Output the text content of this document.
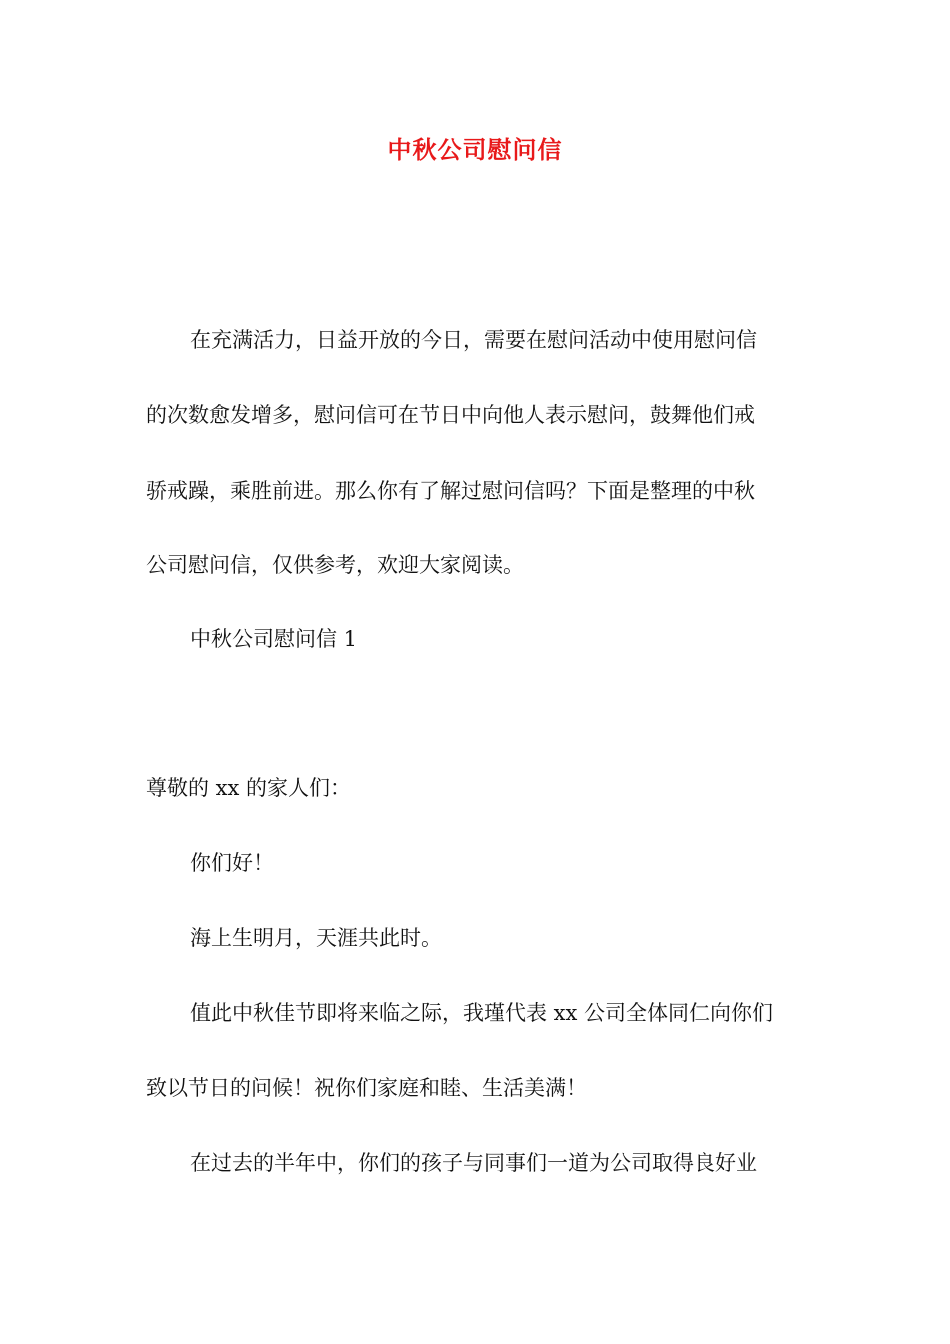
中秋公司慰问信
在充满活力，日益开放的今日，需要在慰问活动中使用慰问信
的次数愈发增多，慰问信可在节日中向他人表示慰问，鼓舞他们戒
骄戒躁，乘胜前进。那么你有了解过慰问信吗？下面是整理的中秋
公司慰问信，仅供参考，欢迎大家阅读。
中秋公司慰问信 1
尊敬的 xx 的家人们：
你们好！
海上生明月，天涯共此时。
值此中秋佳节即将来临之际，我瑾代表 xx 公司全体同仁向你们
致以节日的问候！祝你们家庭和睦、生活美满！
在过去的半年中，你们的孩子与同事们一道为公司取得良好业
